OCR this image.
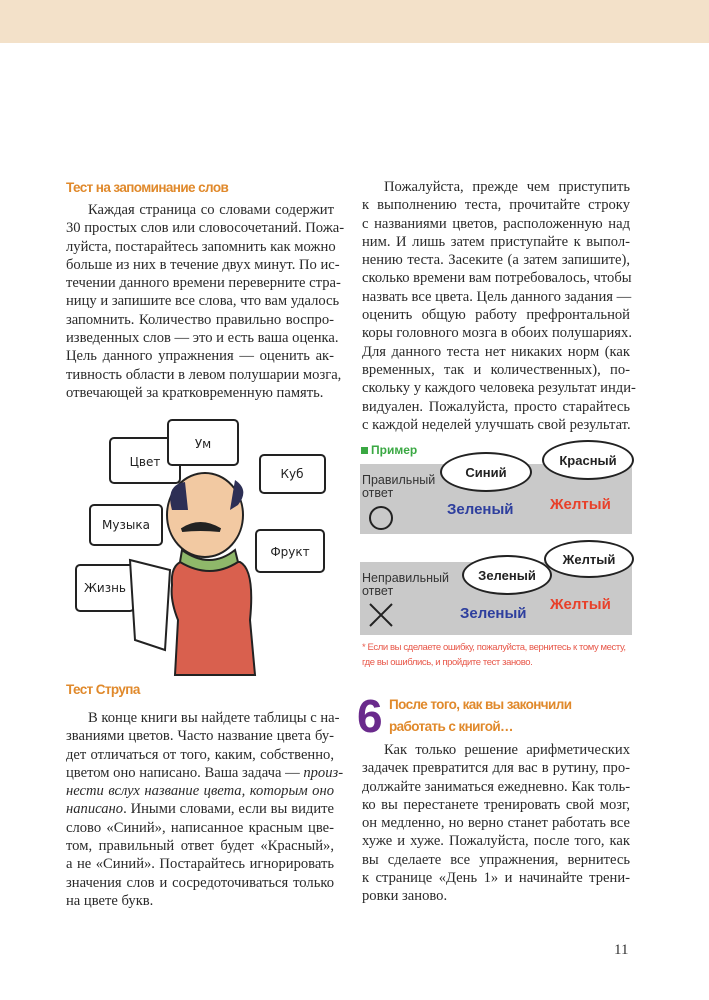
Тест на запоминание слов
Каждая страница со словами содержит
30 простых слов или словосочетаний. Пожа-
луйста, постарайтесь запомнить как можно
больше из них в течение двух минут. По ис-
течении данного времени переверните стра-
ницу и запишите все слова, что вам удалось
запомнить. Количество правильно воспро-
изведенных слов — это и есть ваша оценка.
Цель данного упражнения — оценить ак-
тивность области в левом полушарии мозга,
отвечающей за кратковременную память.
Цвет
Ум
Куб
Музыка
Фрукт
Жизнь
Тест Струпа
В конце книги вы найдете таблицы с на-
званиями цветов. Часто название цвета бу-
дет отличаться от того, каким, собственно,
цветом оно написано. Ваша задача — произ-
нести вслух название цвета, которым оно
написано. Иными словами, если вы видите
слово «Синий», написанное красным цве-
том, правильный ответ будет «Красный»,
а не «Синий». Постарайтесь игнорировать
значения слов и сосредоточиваться только
на цвете букв.
Пожалуйста, прежде чем приступить
к выполнению теста, прочитайте строку
с названиями цветов, расположенную над
ним. И лишь затем приступайте к выпол-
нению теста. Засеките (а затем запишите),
сколько времени вам потребовалось, чтобы
назвать все цвета. Цель данного задания —
оценить общую работу префронтальной
коры головного мозга в обоих полушариях.
Для данного теста нет никаких норм (как
временных, так и количественных), по-
скольку у каждого человека результат инди-
видуален. Пожалуйста, просто старайтесь
с каждой неделей улучшать свой результат.
Пример
Правильный
ответ
Синий
Красный
Зеленый Желтый
Неправильный
ответ
Зеленый
Желтый
Зеленый
Желтый
* Если вы сделаете ошибку, пожалуйста, вернитесь к тому месту, где вы ошиблись, и пройдите тест заново.
6 После того, как вы закончили
работать с книгой…
Как только решение арифметических
задачек превратится для вас в рутину, про-
должайте заниматься ежедневно. Как толь-
ко вы перестанете тренировать свой мозг,
он медленно, но верно станет работать все
хуже и хуже. Пожалуйста, после того, как
вы сделаете все упражнения, вернитесь
к странице «День 1» и начинайте трени-
ровки заново.
11
